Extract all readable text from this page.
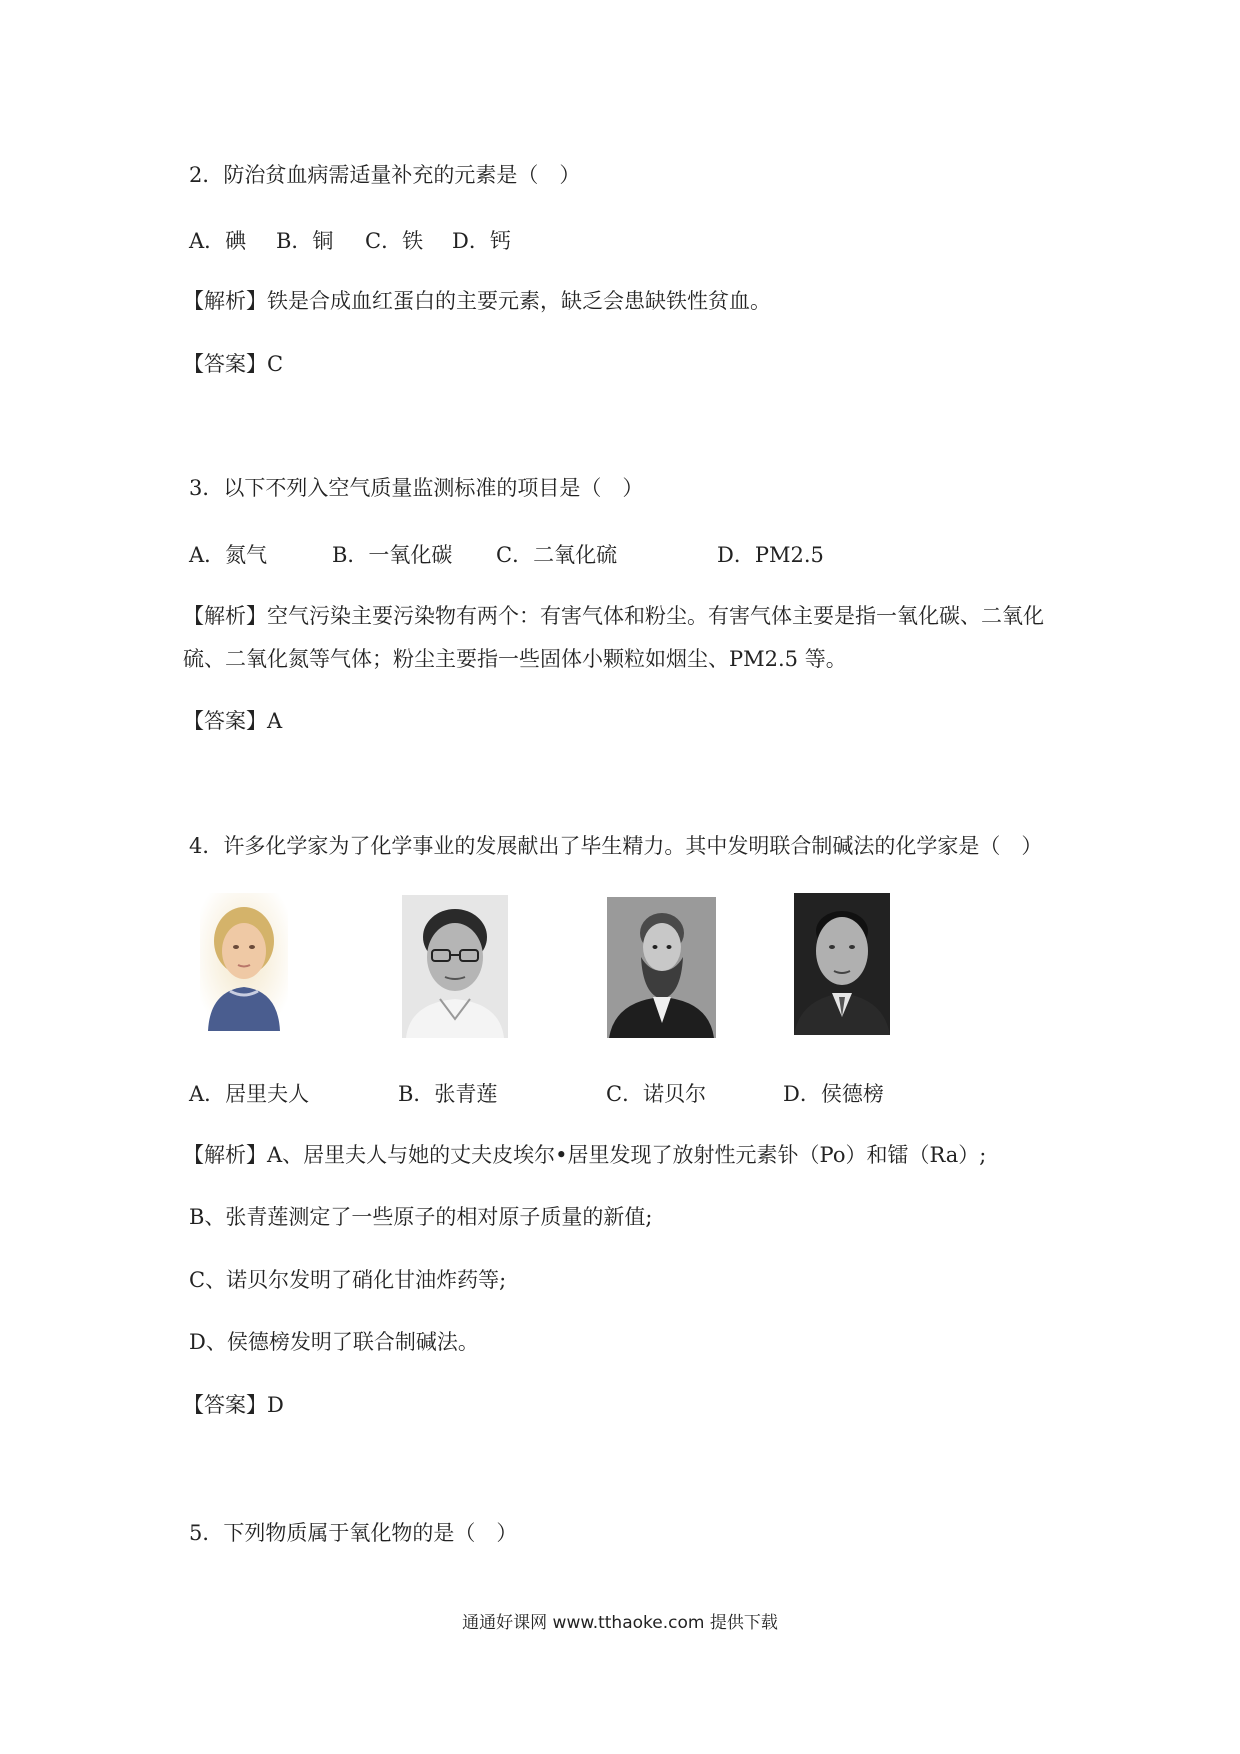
2．防治贫血病需适量补充的元素是（　）
A．碘 B．铜 C．铁 D．钙
【解析】铁是合成血红蛋白的主要元素，缺乏会患缺铁性贫血。
【答案】C
3．以下不列入空气质量监测标准的项目是（　）
A．氮气	B．一氧化碳 C．二氧化硫	D．PM2.5
【解析】空气污染主要污染物有两个：有害气体和粉尘。有害气体主要是指一氧化碳、二氧化硫、二氧化氮等气体；粉尘主要指一些固体小颗粒如烟尘、PM2.5 等。
【答案】A
4．许多化学家为了化学事业的发展献出了毕生精力。其中发明联合制碱法的化学家是（　）
A．居里夫人	B．张青莲	C．诺贝尔	D．侯德榜
【解析】A、居里夫人与她的丈夫皮埃尔•居里发现了放射性元素钋（Po）和镭（Ra）;
B、张青莲测定了一些原子的相对原子质量的新值;
C、诺贝尔发明了硝化甘油炸药等;
D、侯德榜发明了联合制碱法。
【答案】D
5．下列物质属于氧化物的是（　）
通通好课网 www.tthaoke.com 提供下载
